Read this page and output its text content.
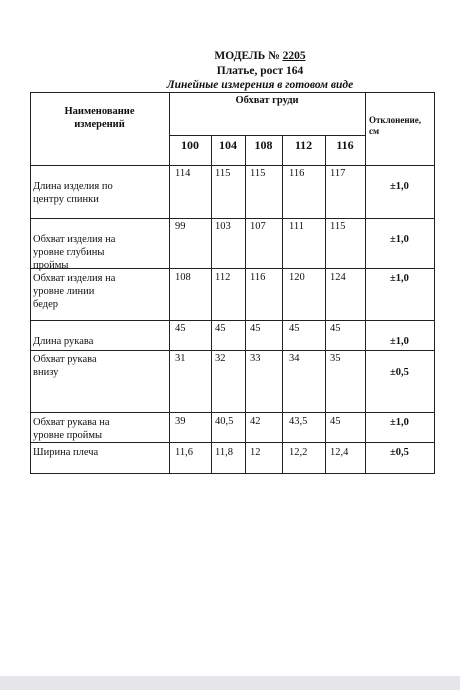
МОДЕЛЬ № 2205
Платье, рост 164
Линейные измерения в готовом виде
Наименование
измерений
Обхват груди
Отклонение,
см
100	104	108	112	116
Длина изделия по
центру спинки
114 115 115 116 117
±1,0
Обхват изделия на
уровне глубины
проймы
99	103 107 111 115
±1,0
Обхват изделия на
уровне линии
бедер
108 112 116 120 124	±1,0
Длина рукава
45	45 45	45	45
±1,0
Обхват рукава
внизу
31	32 33	34	35
±0,5
Обхват рукава на
уровне проймы
39	40,5 42	43,5 45	±1,0
Ширина плеча	11,6 11,8 12	12,2 12,4	±0,5
